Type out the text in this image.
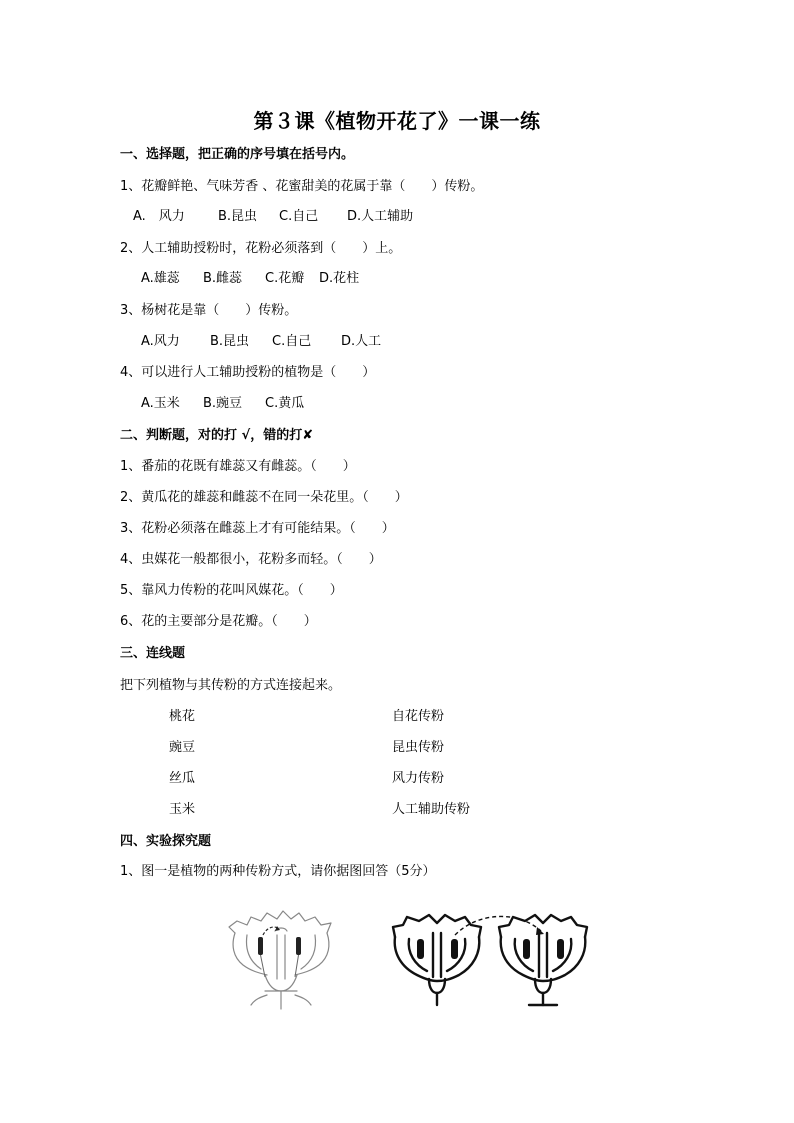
第３课《植物开花了》一课一练
一、选择题，把正确的序号填在括号内。
1、花瓣鲜艳、气味芳香 、花蜜甜美的花属于靠（　　）传粉。
A.　风力	B.昆虫 C.自己 D.人工辅助
2、人工辅助授粉时，花粉必须落到（　　）上。
A.雄蕊 B.雌蕊 C.花瓣 D.花柱
3、杨树花是靠（　　）传粉。
A.风力 B.昆虫 C.自己 D.人工
4、可以进行人工辅助授粉的植物是（　　）
A.玉米 B.豌豆 C.黄瓜
二、判断题，对的打 √，错的打✘
1、番茄的花既有雄蕊又有雌蕊。（　　）
2、黄瓜花的雄蕊和雌蕊不在同一朵花里。（　　）
3、花粉必须落在雌蕊上才有可能结果。（　　）
4、虫媒花一般都很小，花粉多而轻。（　　）
5、靠风力传粉的花叫风媒花。（　　）
6、花的主要部分是花瓣。（　　）
三、连线题
把下列植物与其传粉的方式连接起来。
桃花
豌豆
丝瓜
玉米
自花传粉
昆虫传粉
风力传粉
人工辅助传粉
四、实验探究题
1、图一是植物的两种传粉方式，请你据图回答（5分）
